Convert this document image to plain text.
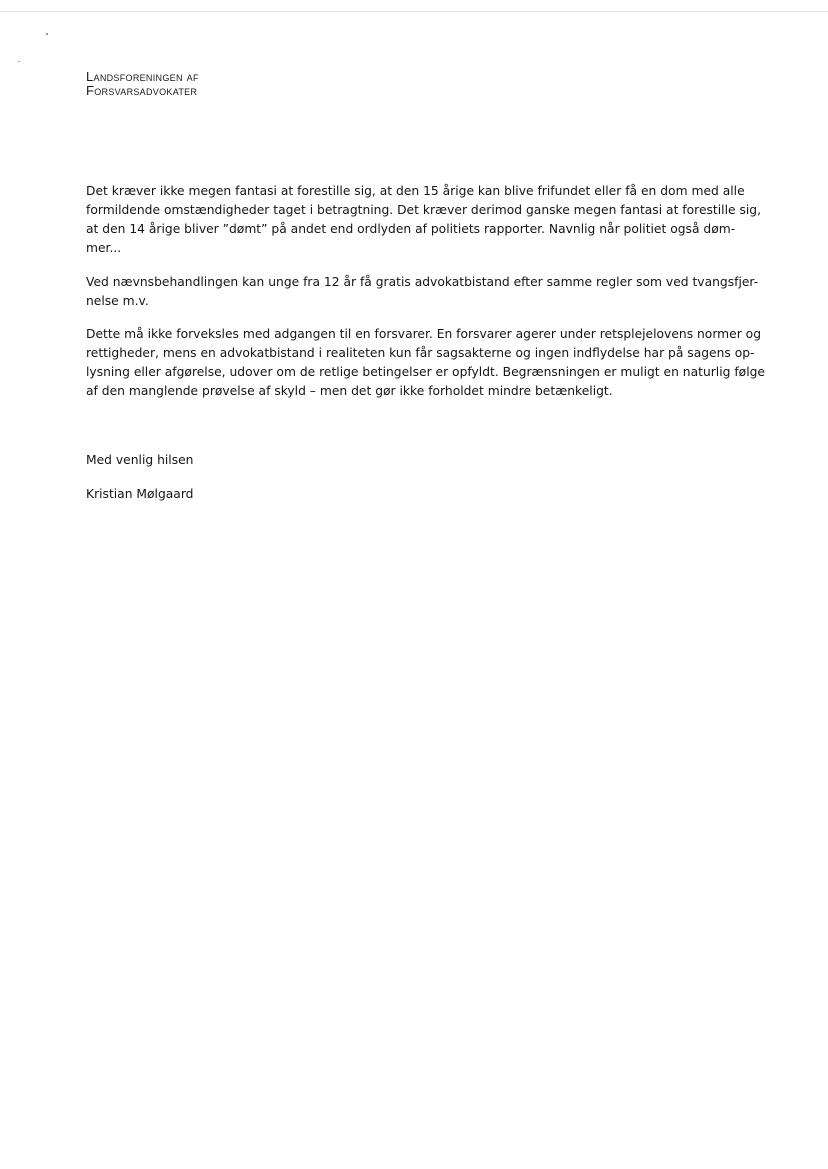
Landsforeningen af
Forsvarsadvokater
Det kræver ikke megen fantasi at forestille sig, at den 15 årige kan blive frifundet eller få en dom med alle
formildende omstændigheder taget i betragtning. Det kræver derimod ganske megen fantasi at forestille sig,
at den 14 årige bliver ”dømt” på andet end ordlyden af politiets rapporter. Navnlig når politiet også døm-
mer...
Ved nævnsbehandlingen kan unge fra 12 år få gratis advokatbistand efter samme regler som ved tvangsfjer-
nelse m.v.
Dette må ikke forveksles med adgangen til en forsvarer. En forsvarer agerer under retsplejelovens normer og
rettigheder, mens en advokatbistand i realiteten kun får sagsakterne og ingen indflydelse har på sagens op-
lysning eller afgørelse, udover om de retlige betingelser er opfyldt. Begrænsningen er muligt en naturlig følge
af den manglende prøvelse af skyld – men det gør ikke forholdet mindre betænkeligt.
Med venlig hilsen
Kristian Mølgaard
